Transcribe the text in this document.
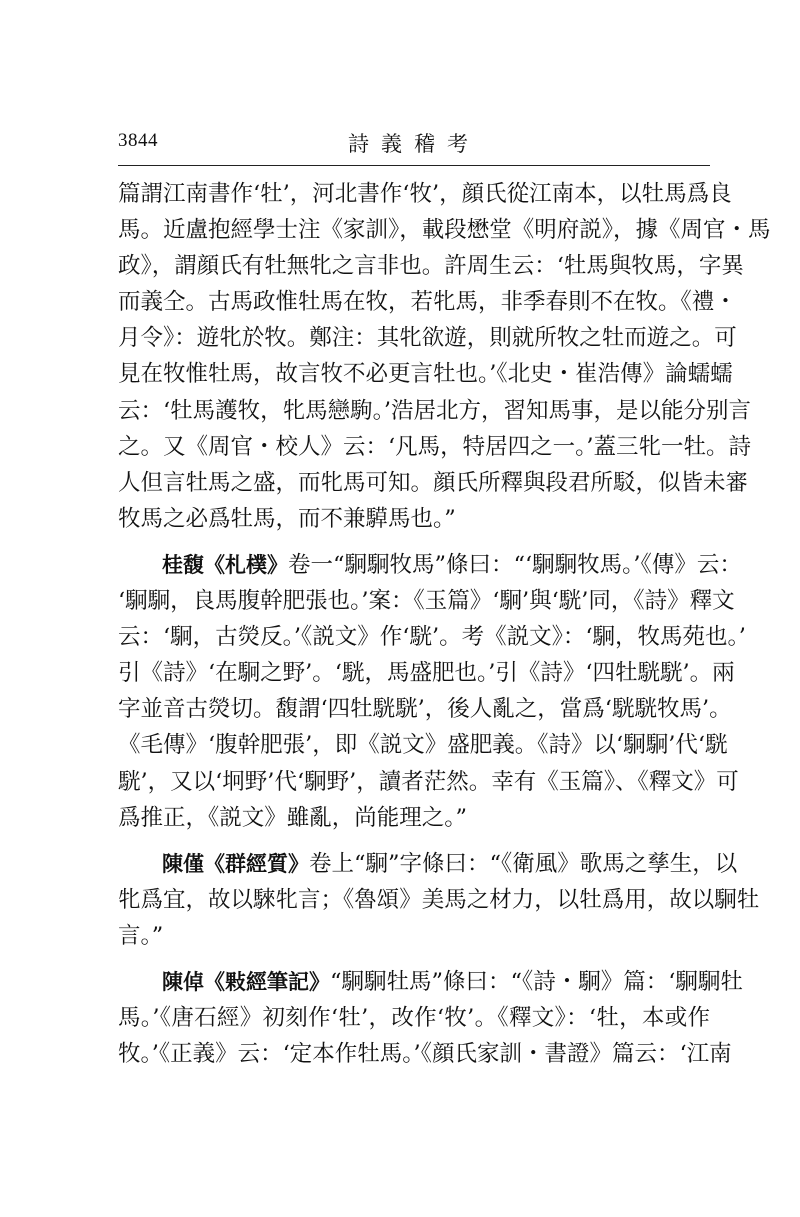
3844	詩義稽考
篇謂江南書作‘牡’，河北書作‘牧’，顔氏從江南本，以牡馬爲良
馬。近盧抱經學士注《家訓》，載段懋堂《明府説》，據《周官・馬
政》，謂顔氏有牡無牝之言非也。許周生云：‘牡馬與牧馬，字異
而義仝。古馬政惟牡馬在牧，若牝馬，非季春則不在牧。《禮・
月令》：遊牝於牧。鄭注：其牝欲遊，則就所牧之牡而遊之。可
見在牧惟牡馬，故言牧不必更言牡也。’《北史・崔浩傳》論蠕蠕
云：‘牡馬護牧，牝馬戀駒。’浩居北方，習知馬事，是以能分别言
之。又《周官・校人》云：‘凡馬，特居四之一。’蓋三牝一牡。詩
人但言牡馬之盛，而牝馬可知。顔氏所釋與段君所駁，似皆未審
牧馬之必爲牡馬，而不兼騲馬也。”
桂馥《札樸》卷一“駉駉牧馬”條曰：“‘駉駉牧馬。’《傳》云：
‘駉駉，良馬腹幹肥張也。’案：《玉篇》‘駉’與‘駫’同，《詩》釋文
云：‘駉，古熒反。’《説文》作‘駫’。考《説文》：‘駉，牧馬苑也。’
引《詩》‘在駉之野’。‘駫，馬盛肥也。’引《詩》‘四牡駫駫’。兩
字並音古熒切。馥謂‘四牡駫駫’，後人亂之，當爲‘駫駫牧馬’。
《毛傳》‘腹幹肥張’，即《説文》盛肥義。《詩》以‘駉駉’代‘駫
駫’，又以‘坰野’代‘駉野’，讀者茫然。幸有《玉篇》、《釋文》可
爲推正，《説文》雖亂，尚能理之。”
陳僅《群經質》卷上“駉”字條曰：“《衛風》歌馬之孳生，以
牝爲宜，故以騋牝言；《魯頌》美馬之材力，以牡爲用，故以駉牡
言。”
陳倬《敤經筆記》“駉駉牡馬”條曰：“《詩・駉》篇：‘駉駉牡
馬。’《唐石經》初刻作‘牡’，改作‘牧’。《釋文》：‘牡，本或作
牧。’《正義》云：‘定本作牡馬。’《顔氏家訓・書證》篇云：‘江南
